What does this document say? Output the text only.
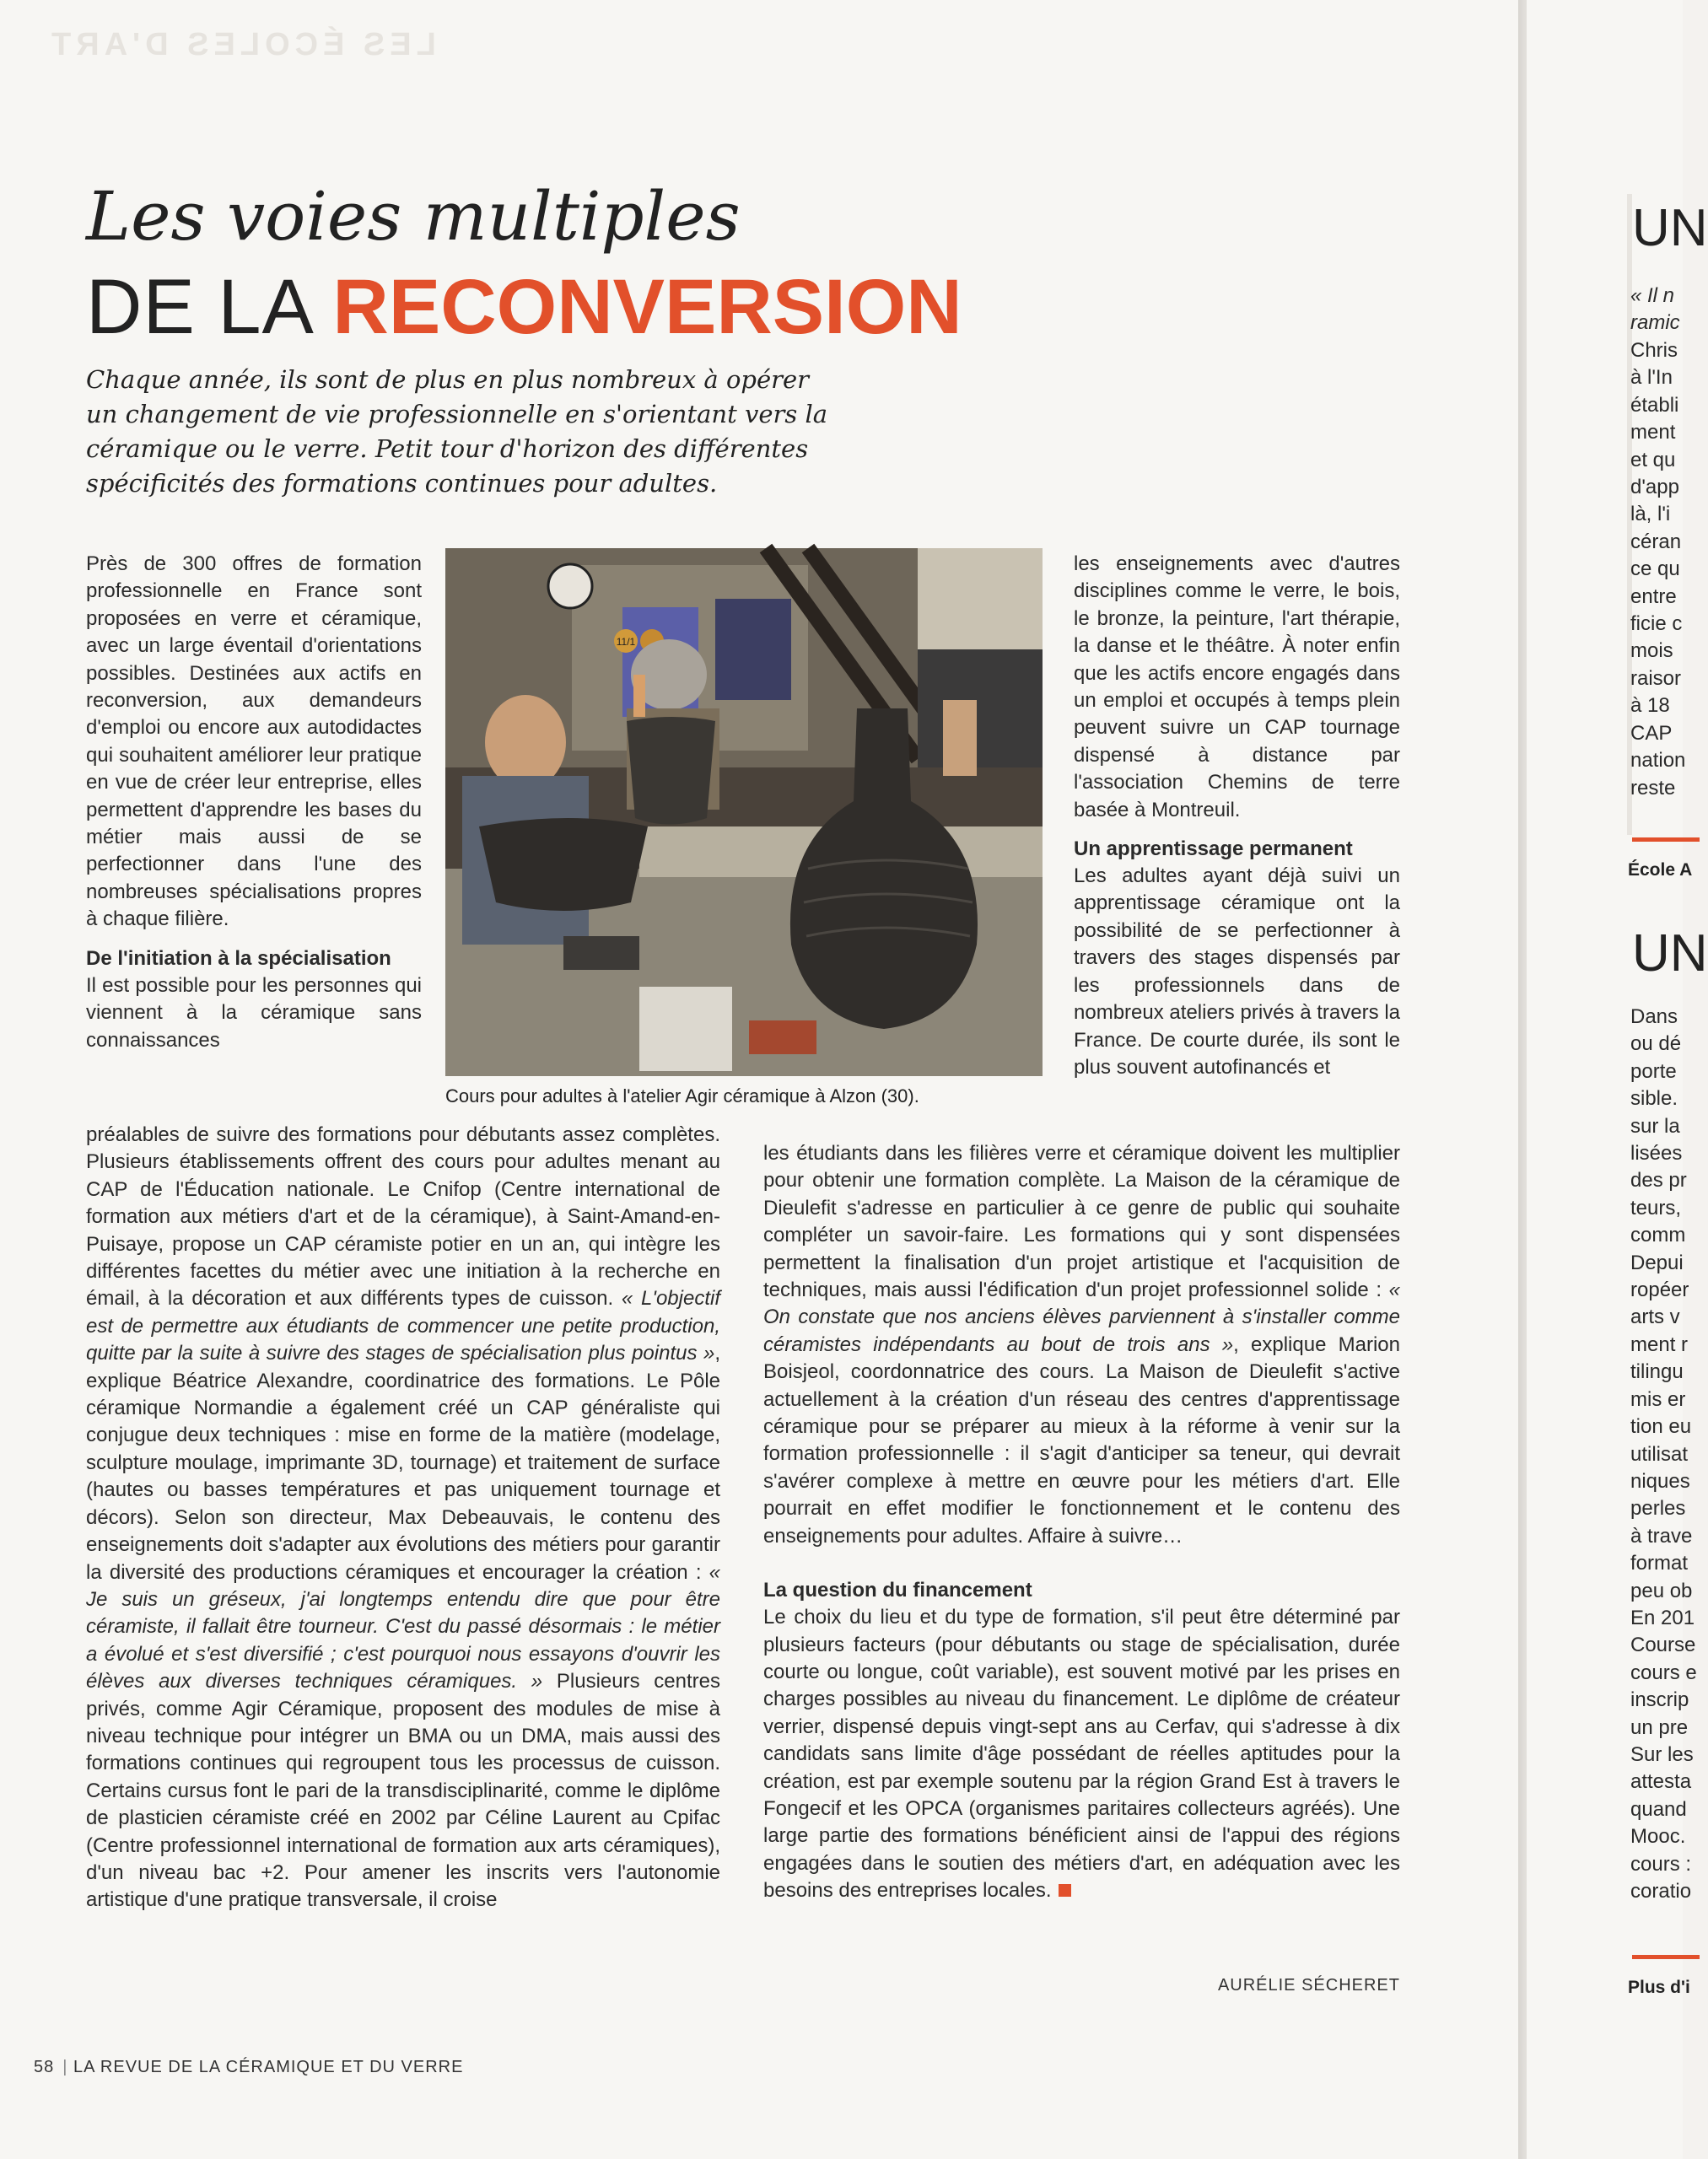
LES ÉCOLES D'ART
Les voies multiples
DE LA RECONVERSION
Chaque année, ils sont de plus en plus nombreux à opérer un changement de vie professionnelle en s'orientant vers la céramique ou le verre. Petit tour d'horizon des différentes spécificités des formations continues pour adultes.

Près de 300 offres de formation professionnelle en France sont proposées en verre et céramique, avec un large éventail d'orientations possibles. Destinées aux actifs en reconversion, aux demandeurs d'emploi ou encore aux autodidactes qui souhaitent améliorer leur pratique en vue de créer leur entreprise, elles permettent d'apprendre les bases du métier mais aussi de se perfectionner dans l'une des nombreuses spécialisations propres à chaque filière.

De l'initiation à la spécialisation

Il est possible pour les personnes qui viennent à la céramique sans connaissances

11/1
Cours pour adultes à l'atelier Agir céramique à Alzon (30).

les enseignements avec d'autres disciplines comme le verre, le bois, le bronze, la peinture, l'art thérapie, la danse et le théâtre. À noter enfin que les actifs encore engagés dans un emploi et occupés à temps plein peuvent suivre un CAP tournage dispensé à distance par l'association Chemins de terre basée à Montreuil.

Un apprentissage permanent

Les adultes ayant déjà suivi un apprentissage céramique ont la possibilité de se perfectionner à travers des stages dispensés par les professionnels dans de nombreux ateliers privés à travers la France. De courte durée, ils sont le plus souvent autofinancés et

préalables de suivre des formations pour débutants assez complètes. Plusieurs établissements offrent des cours pour adultes menant au CAP de l'Éducation nationale. Le Cnifop (Centre international de formation aux métiers d'art et de la céramique), à Saint-Amand-en-Puisaye, propose un CAP céramiste potier en un an, qui intègre les différentes facettes du métier avec une initiation à la recherche en émail, à la décoration et aux différents types de cuisson. « L'objectif est de permettre aux étudiants de commencer une petite production, quitte par la suite à suivre des stages de spécialisation plus pointus », explique Béatrice Alexandre, coordinatrice des formations. Le Pôle céramique Normandie a également créé un CAP généraliste qui conjugue deux techniques : mise en forme de la matière (modelage, sculpture moulage, imprimante 3D, tournage) et traitement de surface (hautes ou basses températures et pas uniquement tournage et décors). Selon son directeur, Max Debeauvais, le contenu des enseignements doit s'adapter aux évolutions des métiers pour garantir la diversité des productions céramiques et encourager la création : « Je suis un gréseux, j'ai longtemps entendu dire que pour être céramiste, il fallait être tourneur. C'est du passé désormais : le métier a évolué et s'est diversifié ; c'est pourquoi nous essayons d'ouvrir les élèves aux diverses techniques céramiques. » Plusieurs centres privés, comme Agir Céramique, proposent des modules de mise à niveau technique pour intégrer un BMA ou un DMA, mais aussi des formations continues qui regroupent tous les processus de cuisson. Certains cursus font le pari de la transdisciplinarité, comme le diplôme de plasticien céramiste créé en 2002 par Céline Laurent au Cpifac (Centre professionnel international de formation aux arts céramiques), d'un niveau bac +2. Pour amener les inscrits vers l'autonomie artistique d'une pratique transversale, il croise

les étudiants dans les filières verre et céramique doivent les multiplier pour obtenir une formation complète. La Maison de la céramique de Dieulefit s'adresse en particulier à ce genre de public qui souhaite compléter un savoir-faire. Les formations qui y sont dispensées permettent la finalisation d'un projet artistique et l'acquisition de techniques, mais aussi l'édification d'un projet professionnel solide : « On constate que nos anciens élèves parviennent à s'installer comme céramistes indépendants au bout de trois ans », explique Marion Boisjeol, coordonnatrice des cours. La Maison de Dieulefit s'active actuellement à la création d'un réseau des centres d'apprentissage céramique pour se préparer au mieux à la réforme à venir sur la formation professionnelle : il s'agit d'anticiper sa teneur, qui devrait s'avérer complexe à mettre en œuvre pour les métiers d'art. Elle pourrait en effet modifier le fonctionnement et le contenu des enseignements pour adultes. Affaire à suivre…

La question du financement

Le choix du lieu et du type de formation, s'il peut être déterminé par plusieurs facteurs (pour débutants ou stage de spécialisation, durée courte ou longue, coût variable), est souvent motivé par les prises en charges possibles au niveau du financement. Le diplôme de créateur verrier, dispensé depuis vingt-sept ans au Cerfav, qui s'adresse à dix candidats sans limite d'âge possédant de réelles aptitudes pour la création, est par exemple soutenu par la région Grand Est à travers le Fongecif et les OPCA (organismes paritaires collecteurs agréés). Une large partie des formations bénéficient ainsi de l'appui des régions engagées dans le soutien des métiers d'art, en adéquation avec les besoins des entreprises locales.

AURÉLIE SÉCHERET
58 | LA REVUE DE LA CÉRAMIQUE ET DU VERRE
UN
« Il n
ramic
Chris
à l'In
établi
ment
et qu
d'app
là, l'i
céran
ce qu
entre
ficie c
mois
raisor
à 18
CAP
nation
reste
École A
UN
Dans
ou dé
porte
sible.
sur la
lisées
des pr
teurs,
comm
Depui
ropéer
arts v
ment r
tilingu
mis er
tion eu
utilisat
niques
perles
à trave
format
peu ob
En 201
Course
cours e
inscrip
un pre
Sur les
attesta
quand
Mooc.
cours :
coratio
Plus d'i
